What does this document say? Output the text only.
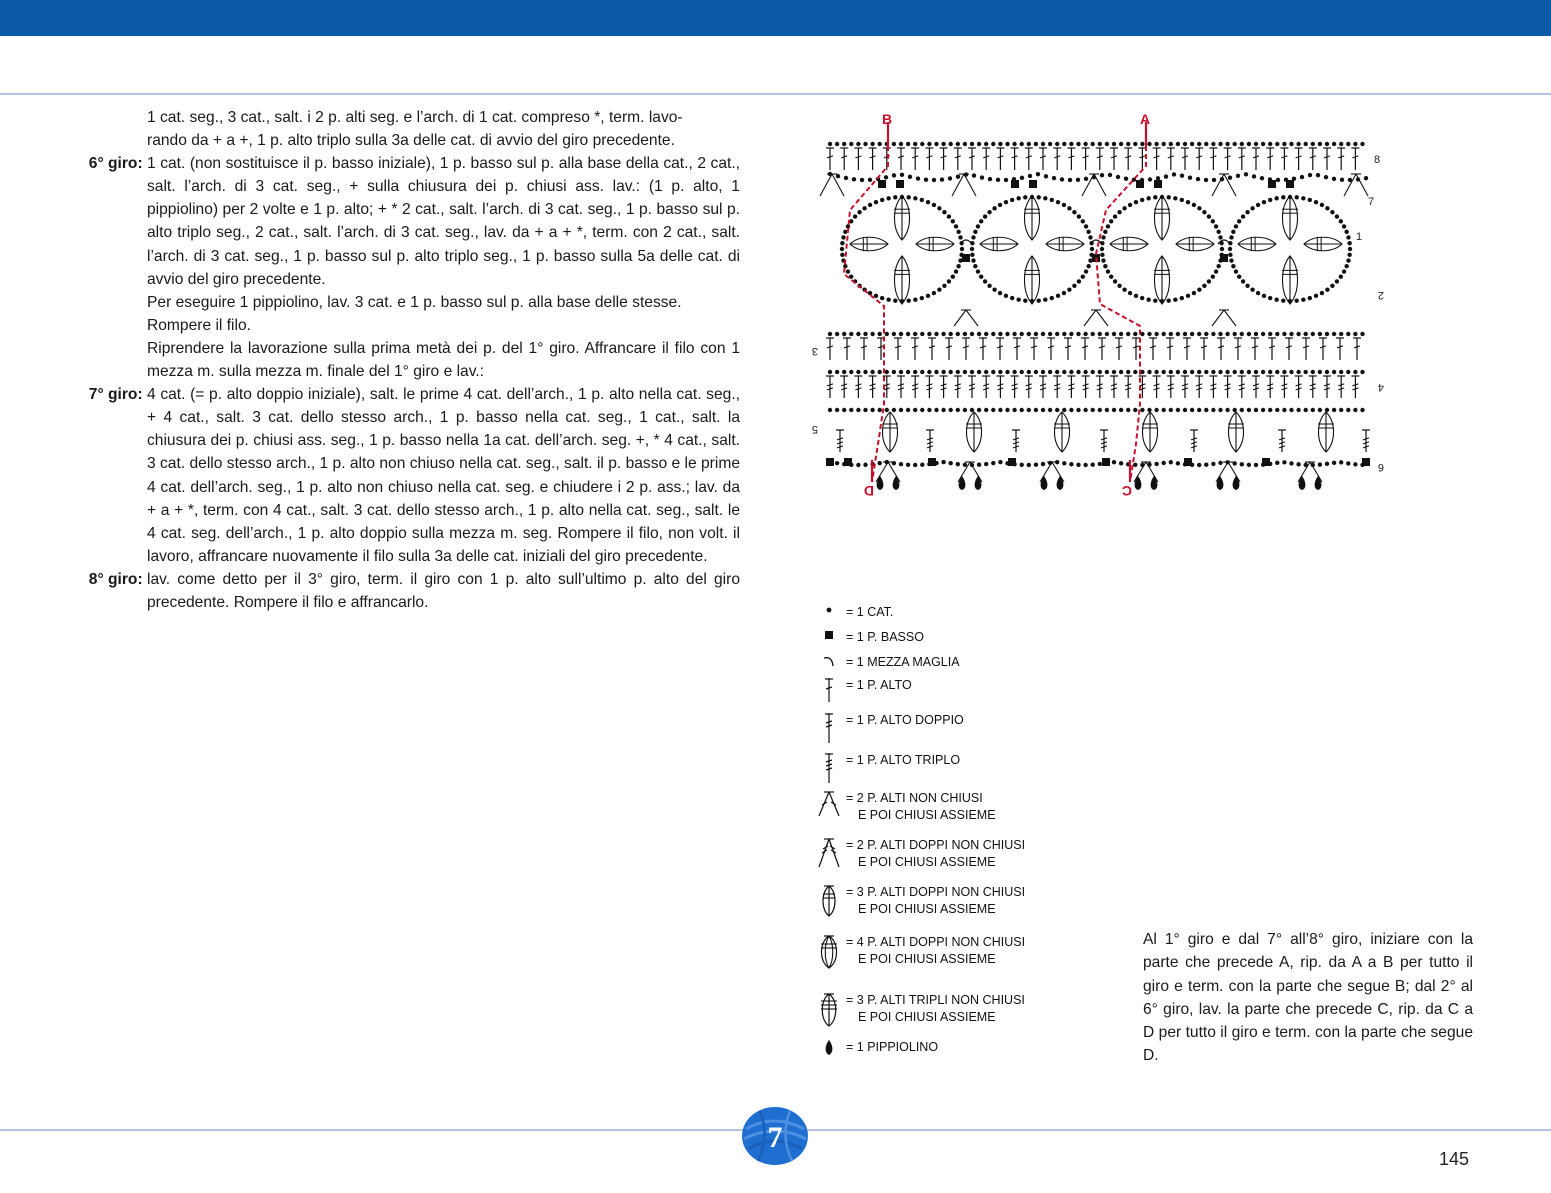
1 cat. seg., 3 cat., salt. i 2 p. alti seg. e l’arch. di 1 cat. compreso *, term. lavo-
rando da + a +, 1 p. alto triplo sulla 3a delle cat. di avvio del giro precedente.
6° giro: 1 cat. (non sostituisce il p. basso iniziale), 1 p. basso sul p. alla base della cat., 2 cat., salt. l’arch. di 3 cat. seg., + sulla chiusura dei p. chiusi ass. lav.: (1 p. alto, 1 pippiolino) per 2 volte e 1 p. alto; + * 2 cat., salt. l’arch. di 3 cat. seg., 1 p. basso sul p. alto triplo seg., 2 cat., salt. l’arch. di 3 cat. seg., lav. da + a + *, term. con 2 cat., salt. l’arch. di 3 cat. seg., 1 p. basso sul p. alto triplo seg., 1 p. basso sulla 5a delle cat. di avvio del giro precedente.
Per eseguire 1 pippiolino, lav. 3 cat. e 1 p. basso sul p. alla base delle stesse.
Rompere il filo.
Riprendere la lavorazione sulla prima metà dei p. del 1° giro. Affrancare il filo con 1 mezza m. sulla mezza m. finale del 1° giro e lav.:
7° giro: 4 cat. (= p. alto doppio iniziale), salt. le prime 4 cat. dell’arch., 1 p. alto nella cat. seg., + 4 cat., salt. 3 cat. dello stesso arch., 1 p. basso nella cat. seg., 1 cat., salt. la chiusura dei p. chiusi ass. seg., 1 p. basso nella 1a cat. dell’arch. seg. +, * 4 cat., salt. 3 cat. dello stesso arch., 1 p. alto non chiuso nella cat. seg., salt. il p. basso e le prime 4 cat. dell’arch. seg., 1 p. alto non chiuso nella cat. seg. e chiudere i 2 p. ass.; lav. da + a + *, term. con 4 cat., salt. 3 cat. dello stesso arch., 1 p. alto nella cat. seg., salt. le 4 cat. seg. dell’arch., 1 p. alto doppio sulla mezza m. seg. Rompere il filo, non volt. il lavoro, affrancare nuovamente il filo sulla 3a delle cat. iniziali del giro precedente.
8° giro: lav. come detto per il 3° giro, term. il giro con 1 p. alto sull’ultimo p. alto del giro precedente. Rompere il filo e affrancarlo.
B	A
D	C
8
7
1
2
3
4
5
6
= 1 CAT.
= 1 P. BASSO
= 1 MEZZA MAGLIA
= 1 P. ALTO
= 1 P. ALTO DOPPIO
= 1 P. ALTO TRIPLO
= 2 P. ALTI NON CHIUSI
E POI CHIUSI ASSIEME
= 2 P. ALTI DOPPI NON CHIUSI
E POI CHIUSI ASSIEME
= 3 P. ALTI DOPPI NON CHIUSI
E POI CHIUSI ASSIEME
= 4 P. ALTI DOPPI NON CHIUSI
E POI CHIUSI ASSIEME
= 3 P. ALTI TRIPLI NON CHIUSI
E POI CHIUSI ASSIEME
= 1 PIPPIOLINO
Al 1° giro e dal 7° all’8° giro, iniziare con la parte che precede A, rip. da A a B per tutto il giro e term. con la parte che segue B; dal 2° al 6° giro, lav. la parte che precede C, rip. da C a D per tutto il giro e term. con la parte che segue D.
7
145
